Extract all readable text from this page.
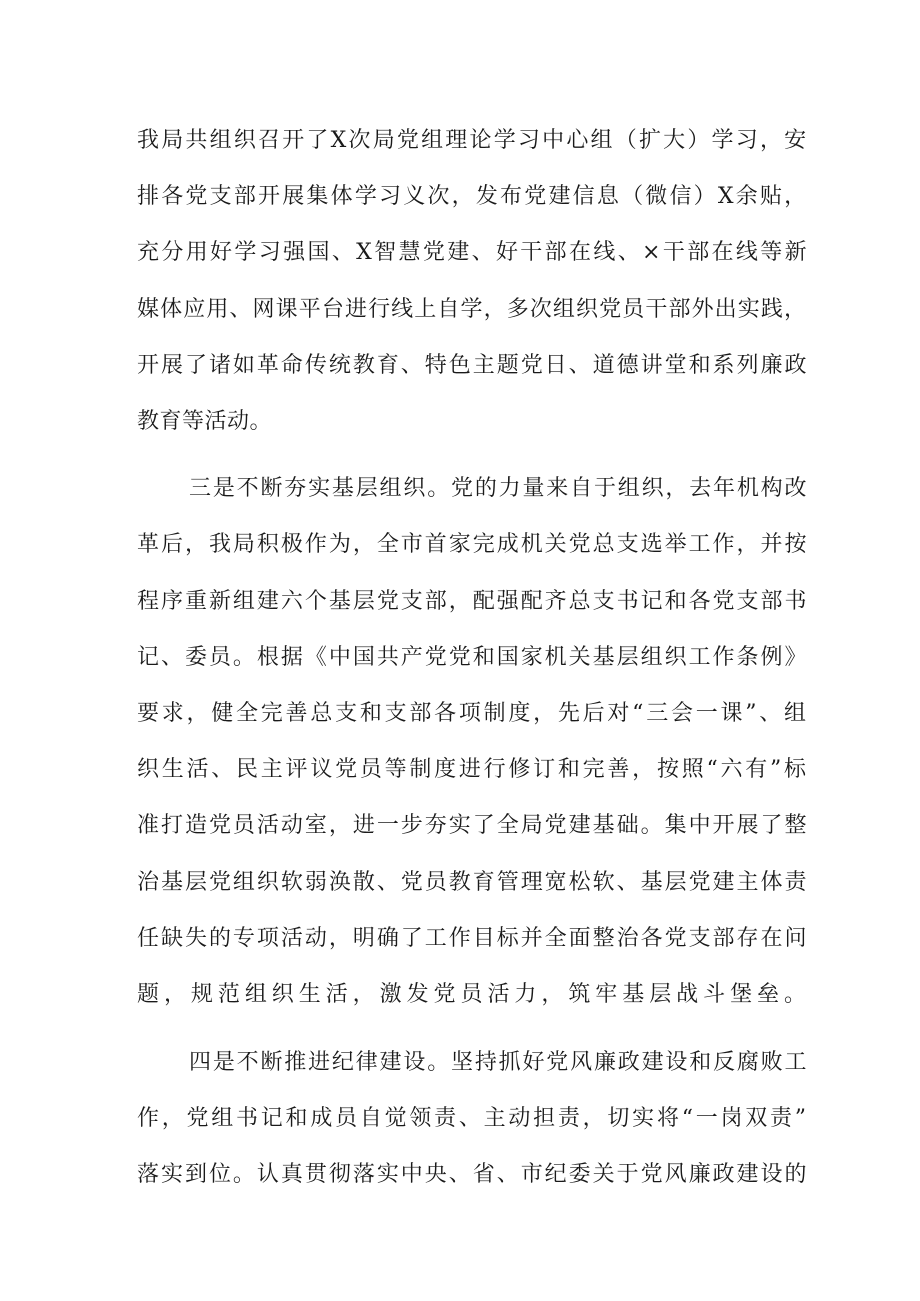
我局共组织召开了X次局党组理论学习中心组（扩大）学习，安
排各党支部开展集体学习义次，发布党建信息（微信）X余贴，
充分用好学习强国、X智慧党建、好干部在线、×干部在线等新
媒体应用、网课平台进行线上自学，多次组织党员干部外出实践，
开展了诸如革命传统教育、特色主题党日、道德讲堂和系列廉政
教育等活动。
三是不断夯实基层组织。党的力量来自于组织，去年机构改
革后，我局积极作为，全市首家完成机关党总支选举工作，并按
程序重新组建六个基层党支部，配强配齐总支书记和各党支部书
记、委员。根据《中国共产党党和国家机关基层组织工作条例》
要求，健全完善总支和支部各项制度，先后对“三会一课”、组
织生活、民主评议党员等制度进行修订和完善，按照“六有”标
准打造党员活动室，进一步夯实了全局党建基础。集中开展了整
治基层党组织软弱涣散、党员教育管理宽松软、基层党建主体责
任缺失的专项活动，明确了工作目标并全面整治各党支部存在问
题，规范组织生活，激发党员活力，筑牢基层战斗堡垒。
四是不断推进纪律建设。坚持抓好党风廉政建设和反腐败工
作，党组书记和成员自觉领责、主动担责，切实将“一岗双责”
落实到位。认真贯彻落实中央、省、市纪委关于党风廉政建设的
